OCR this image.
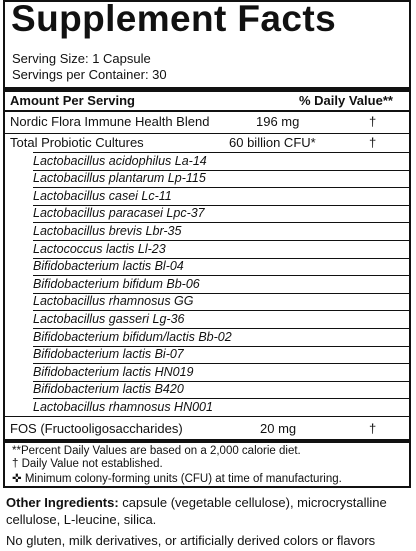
Supplement Facts
Serving Size: 1 Capsule
Servings per Container: 30
Amount Per Serving	% Daily Value**
Nordic Flora Immune Health Blend	196 mg	†
Total Probiotic Cultures	60 billion CFU*	†
Lactobacillus acidophilus La-14
Lactobacillus plantarum Lp-115
Lactobacillus casei Lc-11
Lactobacillus paracasei Lpc-37
Lactobacillus brevis Lbr-35
Lactococcus lactis Ll-23
Bifidobacterium lactis Bl-04
Bifidobacterium bifidum Bb-06
Lactobacillus rhamnosus GG
Lactobacillus gasseri Lg-36
Bifidobacterium bifidum/lactis Bb-02
Bifidobacterium lactis Bi-07
Bifidobacterium lactis HN019
Bifidobacterium lactis B420
Lactobacillus rhamnosus HN001
FOS (Fructooligosaccharides)	20 mg	†
**Percent Daily Values are based on a 2,000 calorie diet.
† Daily Value not established.
✜ Minimum colony-forming units (CFU) at time of manufacturing.
Other Ingredients: capsule (vegetable cellulose), microcrystalline
cellulose, L-leucine, silica.
No gluten, milk derivatives, or artificially derived colors or flavors
